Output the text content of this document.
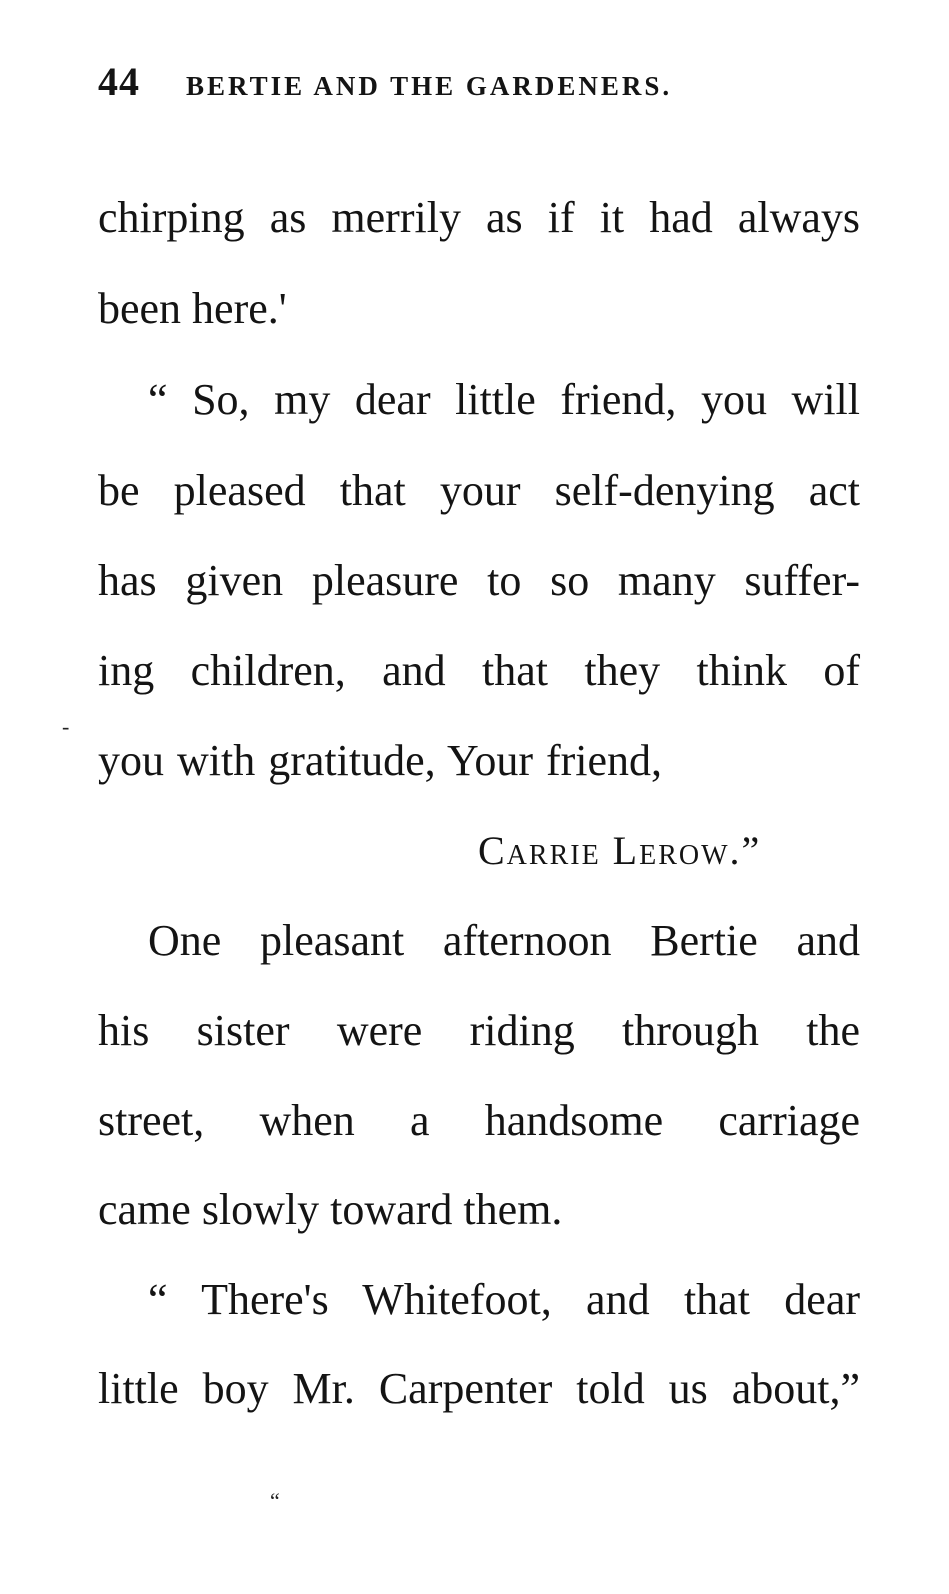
44 BERTIE AND THE GARDENERS.
chirping as merrily as if it had always
been here.'
“ So, my dear little friend, you will
be pleased that your self-denying act
has given pleasure to so many suffer-
ing children, and that they think of
you with gratitude, Your friend,
Carrie Lerow.”
One pleasant afternoon Bertie and
his sister were riding through the
street, when a handsome carriage
came slowly toward them.
“ There's Whitefoot, and that dear
little boy Mr. Carpenter told us about,”
-
“
